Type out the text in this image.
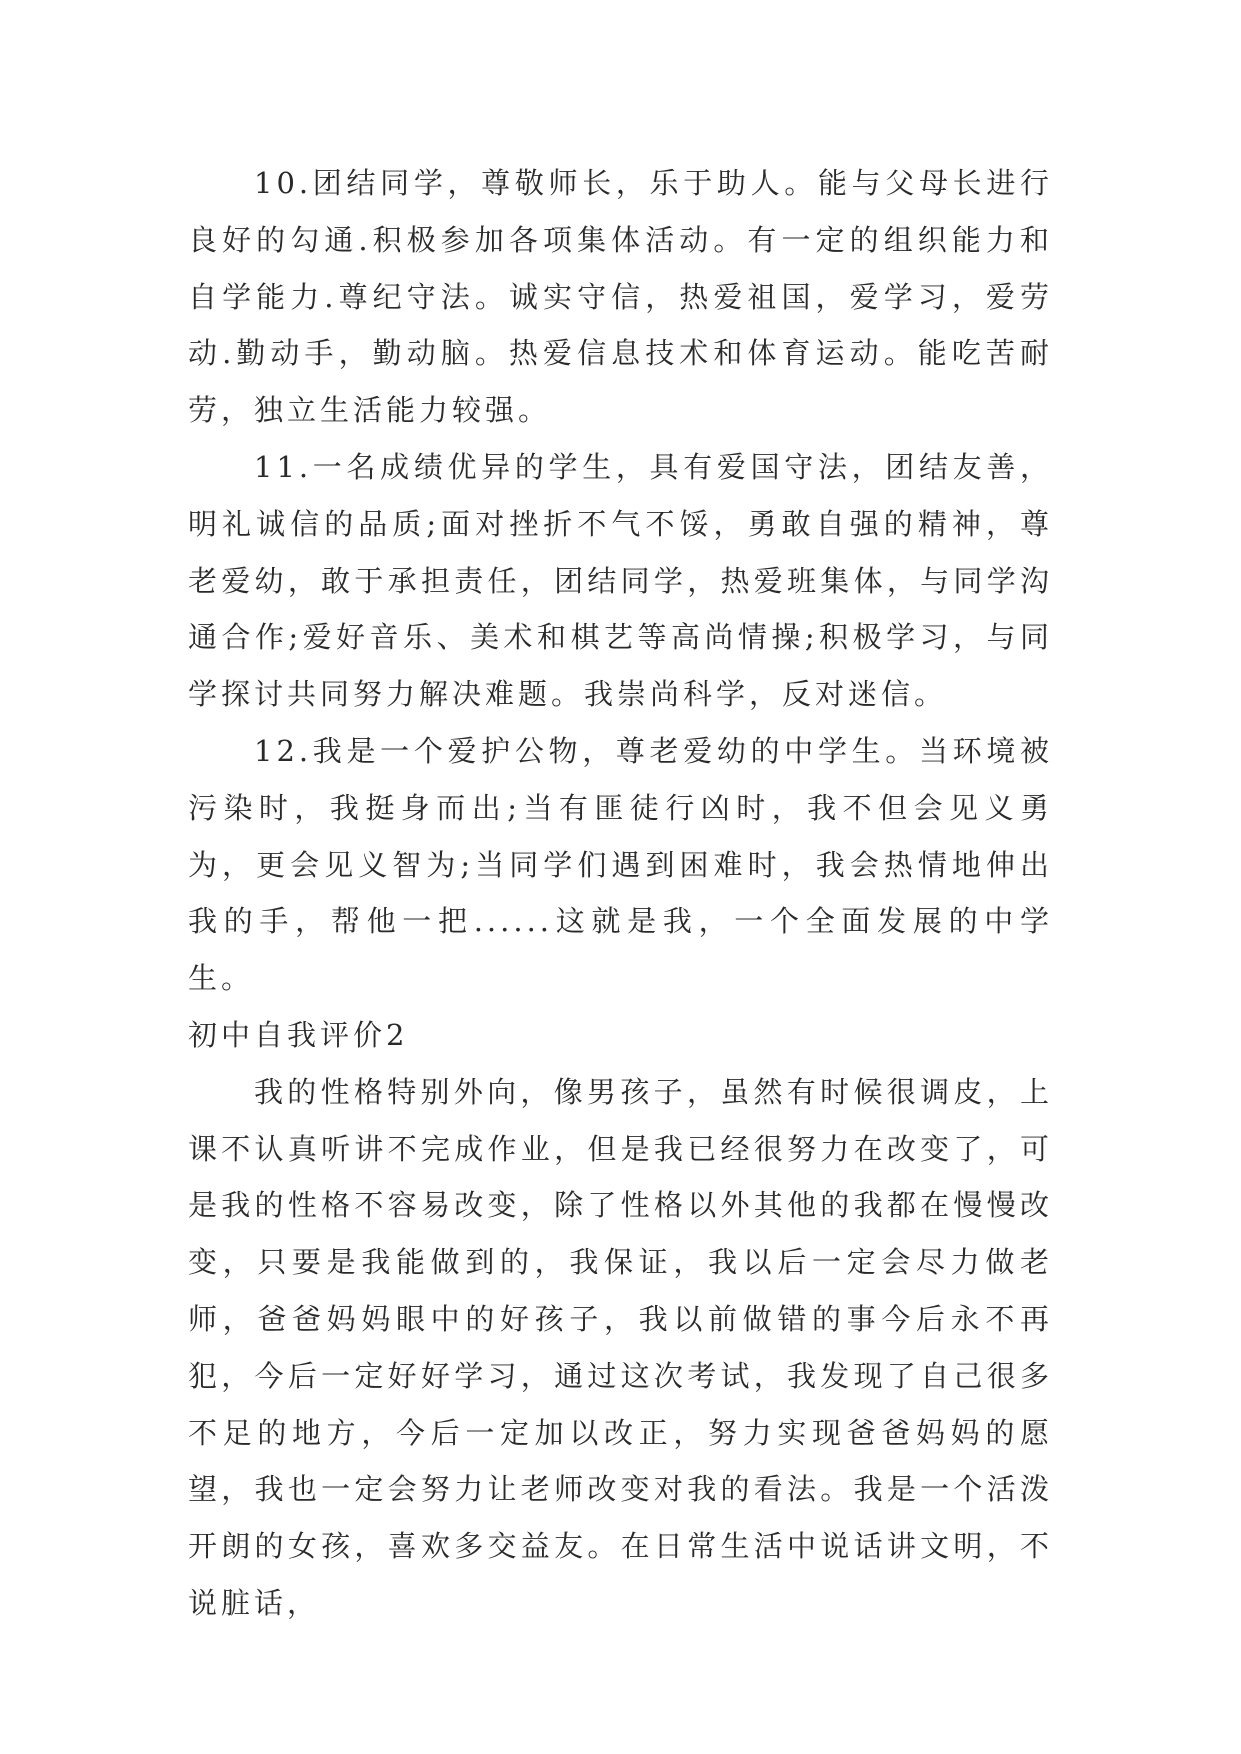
10.团结同学，尊敬师长，乐于助人。能与父母长进行良好的勾通.积极参加各项集体活动。有一定的组织能力和自学能力.尊纪守法。诚实守信，热爱祖国，爱学习，爱劳动.勤动手，勤动脑。热爱信息技术和体育运动。能吃苦耐劳，独立生活能力较强。

11.一名成绩优异的学生，具有爱国守法，团结友善，明礼诚信的品质;面对挫折不气不馁，勇敢自强的精神，尊老爱幼，敢于承担责任，团结同学，热爱班集体，与同学沟通合作;爱好音乐、美术和棋艺等高尚情操;积极学习，与同学探讨共同努力解决难题。我崇尚科学，反对迷信。

12.我是一个爱护公物，尊老爱幼的中学生。当环境被污染时，我挺身而出;当有匪徒行凶时，我不但会见义勇为，更会见义智为;当同学们遇到困难时，我会热情地伸出我的手，帮他一把......这就是我，一个全面发展的中学生。

初中自我评价2

我的性格特别外向，像男孩子，虽然有时候很调皮，上课不认真听讲不完成作业，但是我已经很努力在改变了，可是我的性格不容易改变，除了性格以外其他的我都在慢慢改变，只要是我能做到的，我保证，我以后一定会尽力做老师，爸爸妈妈眼中的好孩子，我以前做错的事今后永不再犯，今后一定好好学习，通过这次考试，我发现了自己很多不足的地方，今后一定加以改正，努力实现爸爸妈妈的愿望，我也一定会努力让老师改变对我的看法。我是一个活泼开朗的女孩，喜欢多交益友。在日常生活中说话讲文明，不说脏话，
